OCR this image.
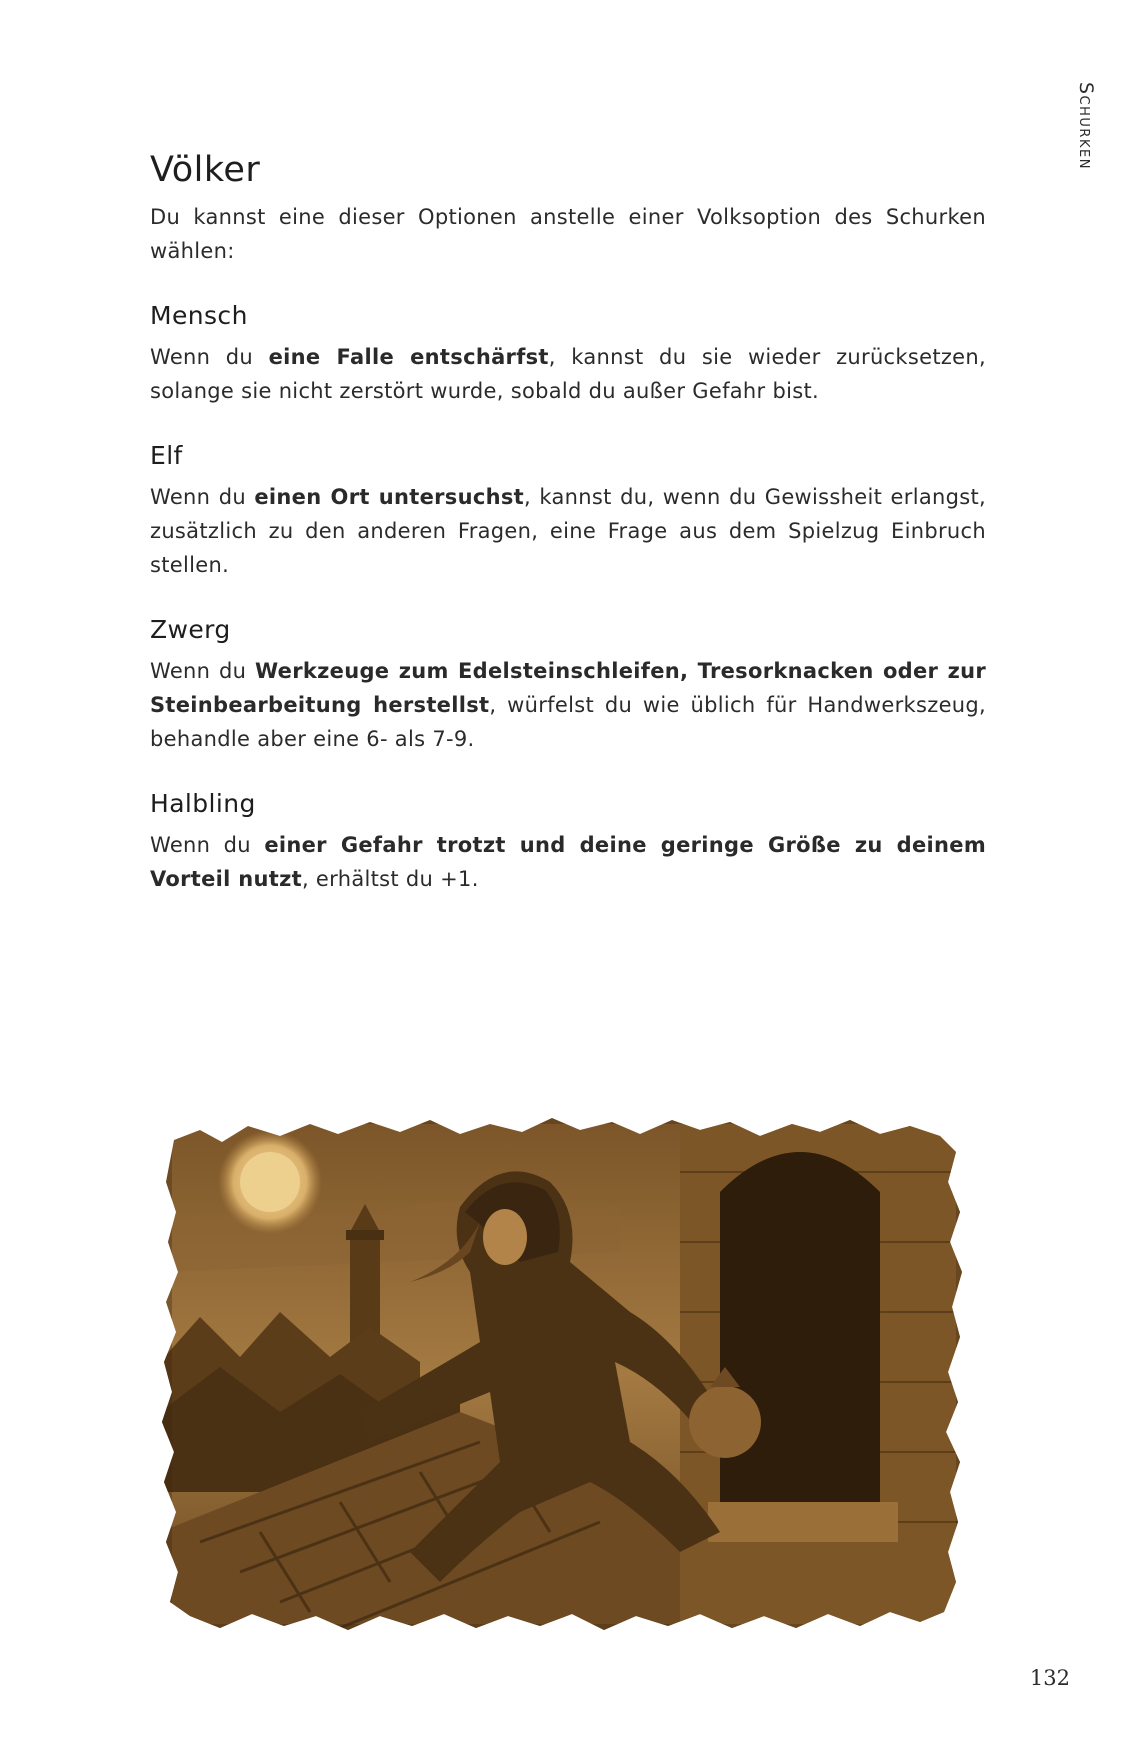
Schurken
Völker

Du kannst eine dieser Optionen anstelle einer Volksoption des Schurken wählen:

Mensch

Wenn du eine Falle entschärfst, kannst du sie wieder zurücksetzen, solange sie nicht zerstört wurde, sobald du außer Gefahr bist.

Elf

Wenn du einen Ort untersuchst, kannst du, wenn du Gewissheit erlangst, zusätzlich zu den anderen Fragen, eine Frage aus dem Spielzug Einbruch stellen.

Zwerg

Wenn du Werkzeuge zum Edelsteinschleifen, Tresorknacken oder zur Steinbearbeitung herstellst, würfelst du wie üblich für Handwerkszeug, behandle aber eine 6- als 7-9.

Halbling

Wenn du einer Gefahr trotzt und deine geringe Größe zu deinem Vorteil nutzt, erhältst du +1.

132
